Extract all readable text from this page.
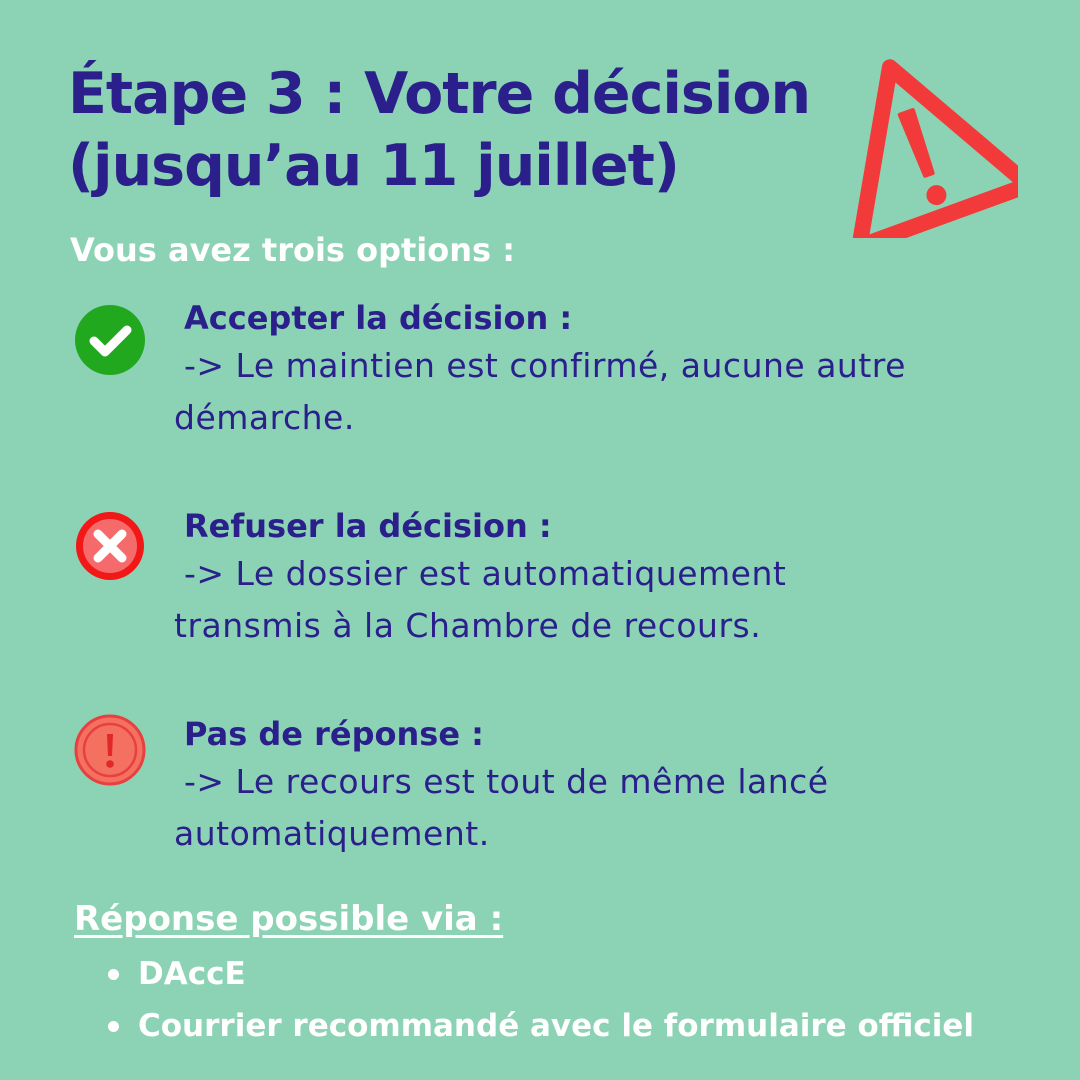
Étape 3 : Votre décision
(jusqu’au 11 juillet)
Vous avez trois options :
Accepter la décision :
-> Le maintien est confirmé, aucune autre
démarche.
Refuser la décision :
-> Le dossier est automatiquement
transmis à la Chambre de recours.
Pas de réponse :
-> Le recours est tout de même lancé
automatiquement.
Réponse possible via :
DAccE
Courrier recommandé avec le formulaire officiel
